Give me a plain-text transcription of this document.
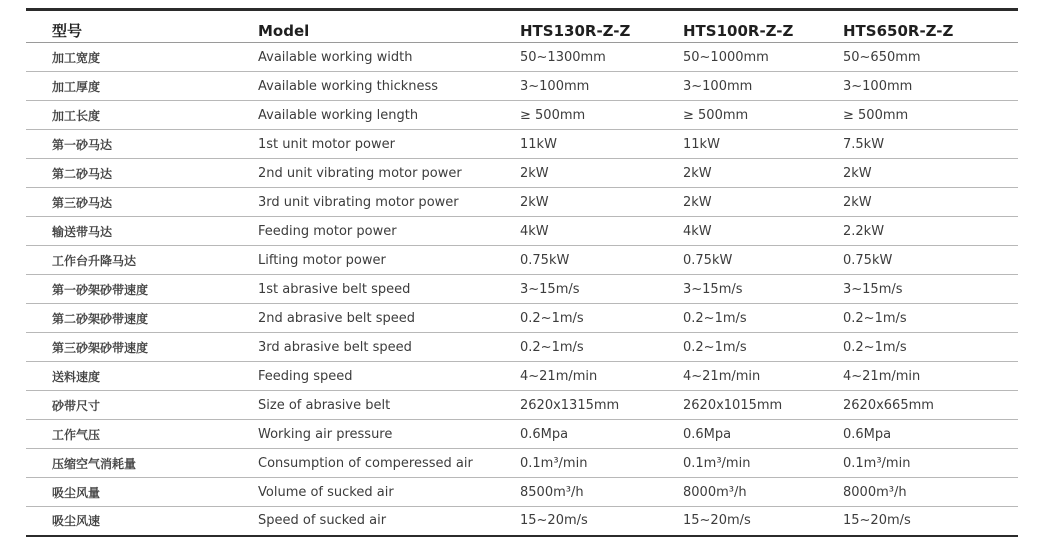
型号	Model	HTS130R-Z-Z	HTS100R-Z-Z	HTS650R-Z-Z
加工宽度	Available working width	50~1300mm	50~1000mm	50~650mm
加工厚度	Available working thickness	3~100mm	3~100mm	3~100mm
加工长度	Available working length	≥ 500mm	≥ 500mm	≥ 500mm
第一砂马达	1st unit motor power	11kW	11kW	7.5kW
第二砂马达	2nd unit vibrating motor power	2kW	2kW	2kW
第三砂马达	3rd unit vibrating motor power	2kW	2kW	2kW
输送带马达	Feeding motor power	4kW	4kW	2.2kW
工作台升降马达	Lifting motor power	0.75kW	0.75kW	0.75kW
第一砂架砂带速度	1st abrasive belt speed	3~15m/s	3~15m/s	3~15m/s
第二砂架砂带速度	2nd abrasive belt speed	0.2~1m/s	0.2~1m/s	0.2~1m/s
第三砂架砂带速度	3rd abrasive belt speed	0.2~1m/s	0.2~1m/s	0.2~1m/s
送料速度	Feeding speed	4~21m/min	4~21m/min	4~21m/min
砂带尺寸	Size of abrasive belt	2620x1315mm	2620x1015mm	2620x665mm
工作气压	Working air pressure	0.6Mpa	0.6Mpa	0.6Mpa
压缩空气消耗量	Consumption of comperessed air	0.1m³/min	0.1m³/min	0.1m³/min
吸尘风量	Volume of sucked air	8500m³/h	8000m³/h	8000m³/h
吸尘风速	Speed of sucked air	15~20m/s	15~20m/s	15~20m/s
